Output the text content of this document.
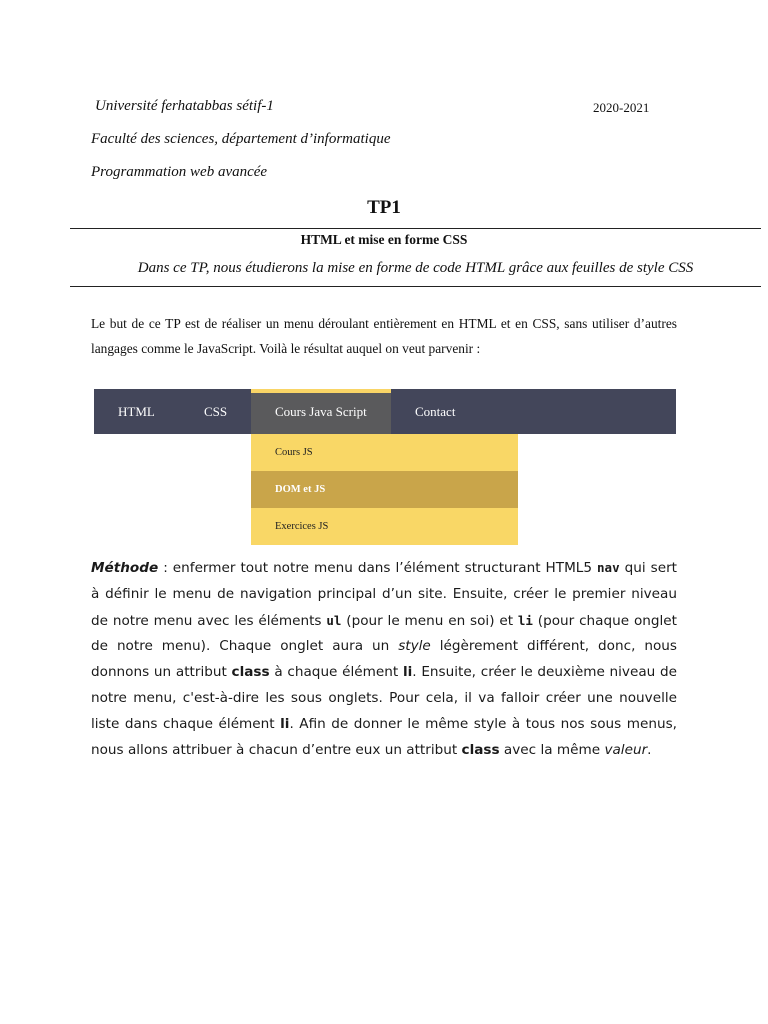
Université ferhatabbas sétif-1	2020-2021
Faculté des sciences, département d’informatique
Programmation web avancée
TP1
HTML et mise en forme CSS
Dans ce TP, nous étudierons la mise en forme de code HTML grâce aux feuilles de style CSS
Le but de ce TP est de réaliser un menu déroulant entièrement en HTML et en CSS, sans utiliser d’autres langages comme le JavaScript. Voilà le résultat auquel on veut parvenir :
HTML	CSS	Cours Java Script	Contact
Cours JS
DOM et JS
Exercices JS
Méthode : enfermer tout notre menu dans l’élément structurant HTML5 nav qui sert à définir le menu de navigation principal d’un site. Ensuite, créer le premier niveau de notre menu avec les éléments ul (pour le menu en soi) et li (pour chaque onglet de notre menu). Chaque onglet aura un style légèrement différent, donc, nous donnons un attribut class à chaque élément li. Ensuite, créer le deuxième niveau de notre menu, c'est-à-dire les sous onglets. Pour cela, il va falloir créer une nouvelle liste dans chaque élément li. Afin de donner le même style à tous nos sous menus, nous allons attribuer à chacun d’entre eux un attribut class avec la même valeur.
